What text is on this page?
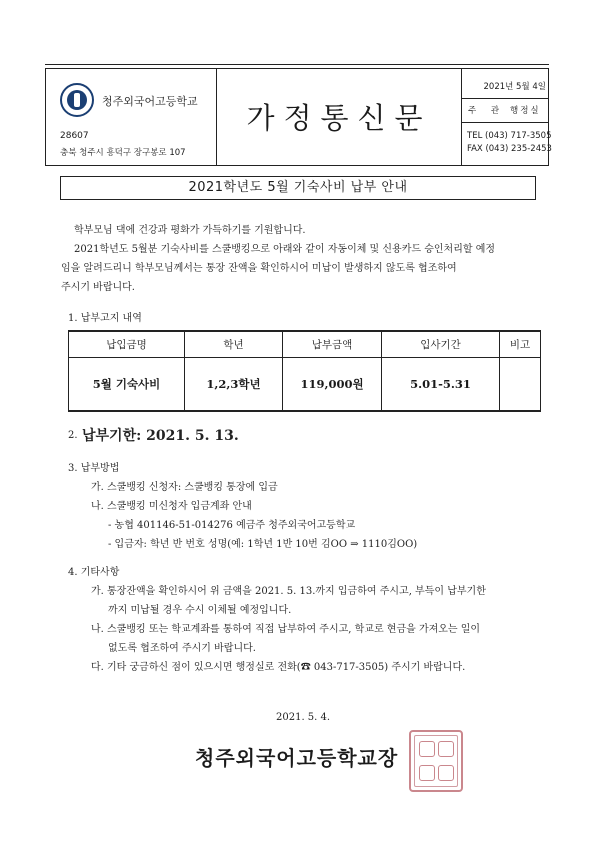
청주외국어고등학교
28607
충북 청주시 흥덕구 장구봉로 107
가정통신문
2021년 5월 4일
주 관 행정실
TEL (043) 717-3505
FAX (043) 235-2453
2021학년도 5월 기숙사비 납부 안내
학부모님 댁에 건강과 평화가 가득하기를 기원합니다.
2021학년도 5월분 기숙사비를 스쿨뱅킹으로 아래와 같이 자동이체 및 신용카드 승인처리할 예정
임을 알려드리니 학부모님께서는 통장 잔액을 확인하시어 미납이 발생하지 않도록 협조하여
주시기 바랍니다.
1. 납부고지 내역
납입금명	학년	납부금액	입사기간	비고
5월 기숙사비	1,2,3학년	119,000원	5.01-5.31	
2. 납부기한: 2021. 5. 13.
3. 납부방법
가. 스쿨뱅킹 신청자: 스쿨뱅킹 통장에 입금
나. 스쿨뱅킹 미신청자 입금계좌 안내
- 농협 401146-51-014276 예금주 청주외국어고등학교
- 입금자: 학년 반 번호 성명(예: 1학년 1반 10번 김OO ⇒ 1110김OO)
4. 기타사항
가. 통장잔액을 확인하시어 위 금액을 2021. 5. 13.까지 입금하여 주시고, 부득이 납부기한
까지 미납될 경우 수시 이체될 예정입니다.
나. 스쿨뱅킹 또는 학교계좌를 통하여 직접 납부하여 주시고, 학교로 현금을 가져오는 일이
없도록 협조하여 주시기 바랍니다.
다. 기타 궁금하신 점이 있으시면 행정실로 전화(☎ 043-717-3505) 주시기 바랍니다.
2021. 5. 4.
청주외국어고등학교장
